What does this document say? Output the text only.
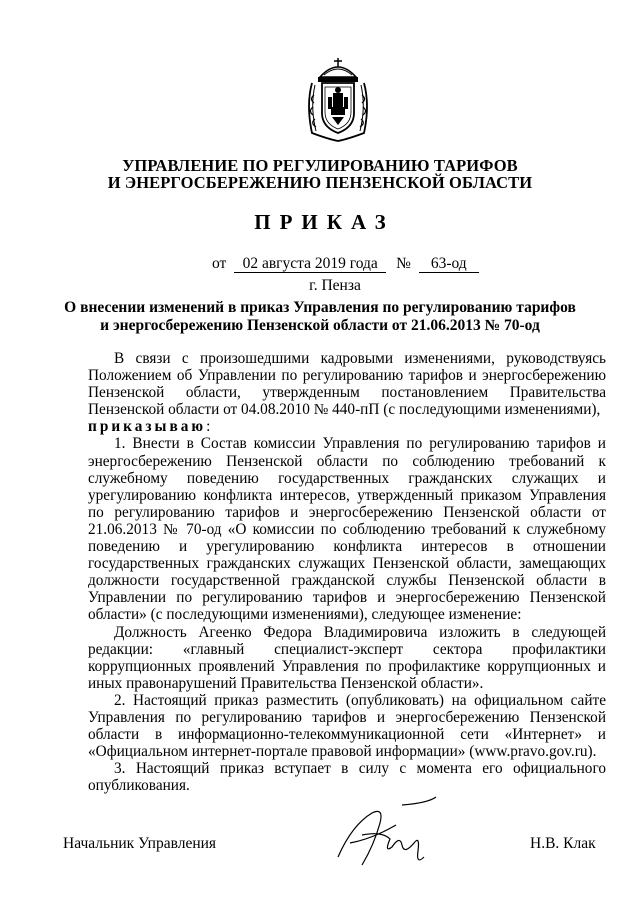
УПРАВЛЕНИЕ ПО РЕГУЛИРОВАНИЮ ТАРИФОВ
И ЭНЕРГОСБЕРЕЖЕНИЮ ПЕНЗЕНСКОЙ ОБЛАСТИ
ПРИКАЗ
от 02 августа 2019 года № 63-од
г. Пенза
О внесении изменений в приказ Управления по регулированию тарифов
и энергосбережению Пензенской области от 21.06.2013 № 70-од

В связи с произошедшими кадровыми изменениями, руководствуясь Положением об Управлении по регулированию тарифов и энергосбережению Пензенской области, утвержденным постановлением Правительства Пензенской области от 04.08.2010 № 440-пП (с последующими изменениями),

приказываю:

1. Внести в Состав комиссии Управления по регулированию тарифов и энергосбережению Пензенской области по соблюдению требований к служебному поведению государственных гражданских служащих и урегулированию конфликта интересов, утвержденный приказом Управления по регулированию тарифов и энергосбережению Пензенской области от 21.06.2013 № 70-од «О комиссии по соблюдению требований к служебному поведению и урегулированию конфликта интересов в отношении государственных гражданских служащих Пензенской области, замещающих должности государственной гражданской службы Пензенской области в Управлении по регулированию тарифов и энергосбережению Пензенской области» (с последующими изменениями), следующее изменение:

Должность Агеенко Федора Владимировича изложить в следующей редакции: «главный специалист-эксперт сектора профилактики коррупционных проявлений Управления по профилактике коррупционных и иных правонарушений Правительства Пензенской области».

2. Настоящий приказ разместить (опубликовать) на официальном сайте Управления по регулированию тарифов и энергосбережению Пензенской области в информационно-телекоммуникационной сети «Интернет» и «Официальном интернет-портале правовой информации» (www.pravo.gov.ru).

3. Настоящий приказ вступает в силу с момента его официального опубликования.

Начальник Управления	Н.В. Клак
